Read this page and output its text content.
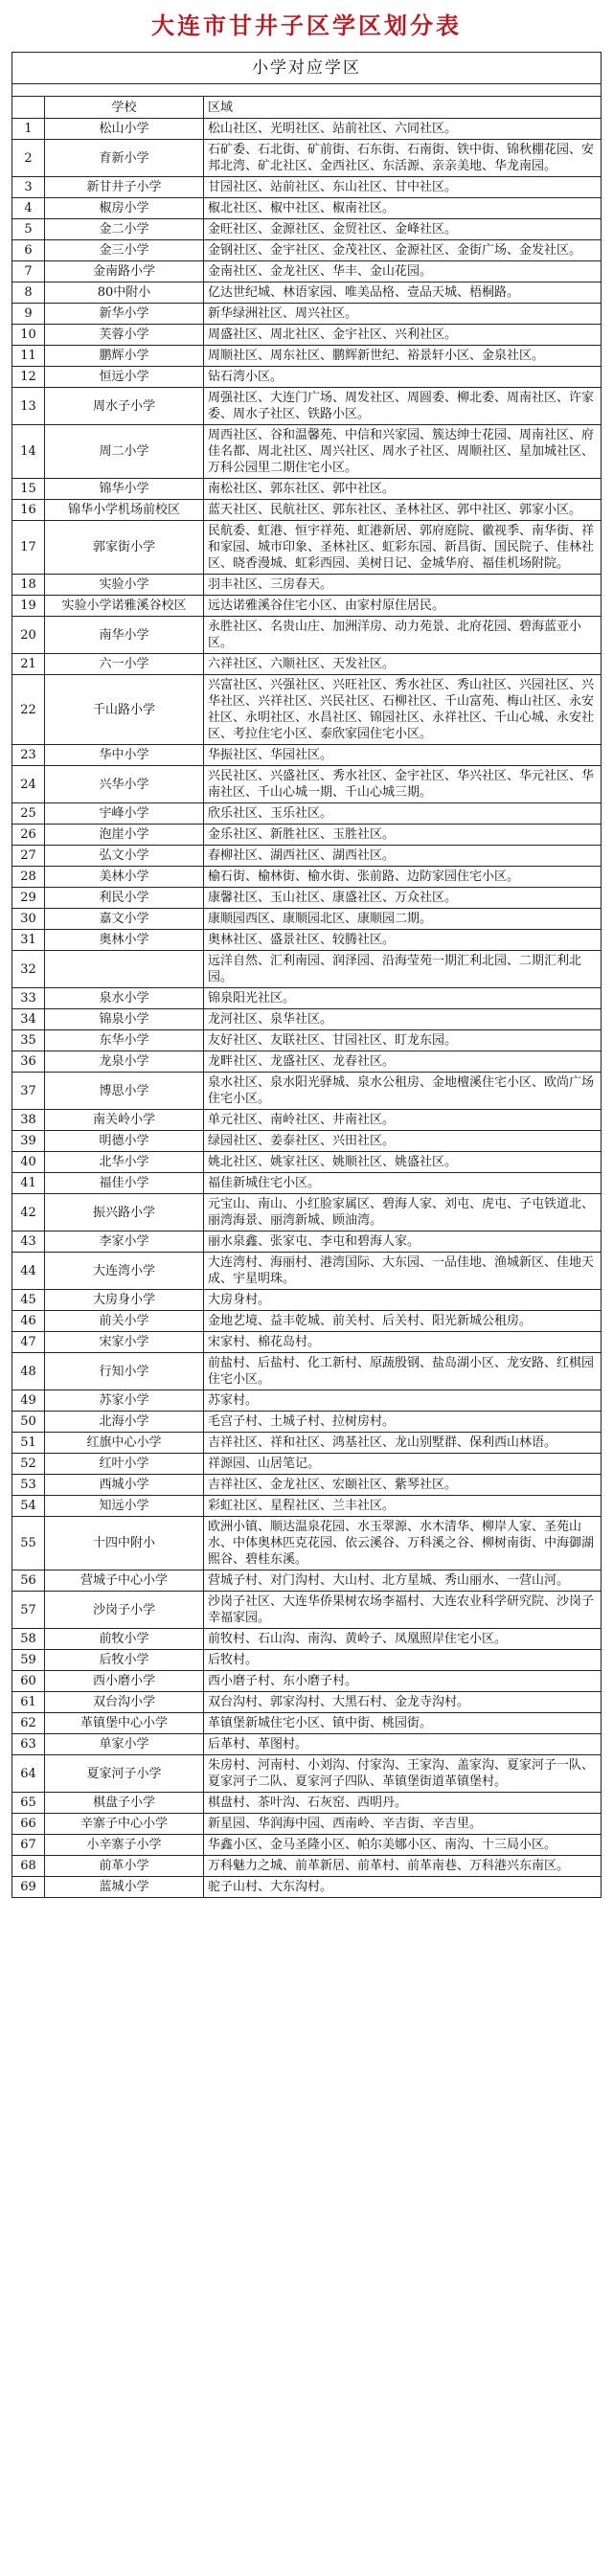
大连市甘井子区学区划分表
小学对应学区		

	学校	区域
1	松山小学	松山社区、光明社区、站前社区、六同社区。
2	育新小学	石矿委、石北街、矿前街、石东街、石南街、铁中街、锦秋棚花园、安邦北湾、矿北社区、金西社区、东活源、亲亲美地、华龙南园。
3	新甘井子小学	甘园社区、站前社区、东山社区、甘中社区。
4	椒房小学	椒北社区、椒中社区、椒南社区。
5	金二小学	金旺社区、金源社区、金贸社区、金峰社区。
6	金三小学	金钢社区、金宇社区、金茂社区、金源社区、金街广场、金发社区。
7	金南路小学	金南社区、金龙社区、华丰、金山花园。
8	80中附小	亿达世纪城、林语家园、唯美品格、壹品天城、梧桐路。
9	新华小学	新华绿洲社区、周兴社区。
10	芙蓉小学	周盛社区、周北社区、金宇社区、兴利社区。
11	鹏辉小学	周顺社区、周东社区、鹏辉新世纪、裕景轩小区、金泉社区。
12	恒远小学	钻石湾小区。
13	周水子小学	周强社区、大连门广场、周发社区、周圆委、柳北委、周南社区、许家委、周水子社区、铁路小区。
14	周二小学	周西社区、谷和温馨苑、中信和兴家园、簇达绅士花园、周南社区、府佳名都、周北社区、周兴社区、周水子社区、周顺社区、星加城社区、万科公园里二期住宅小区。
15	锦华小学	南松社区、郭东社区、郭中社区。
16	锦华小学机场前校区	蓝天社区、民航社区、郭东社区、圣林社区、郭中社区、郭家小区。
17	郭家街小学	民航委、虹港、恒宇祥苑、虹港新居、郭府庭院、徽视季、南华街、祥和家园、城市印象、圣林社区、虹彩东园、新昌街、国民院子、佳林社区、晓香漫城、虹彩西园、美树日记、金城华府、福佳机场附院。
18	实验小学	羽丰社区、三房春天。
19	实验小学诺雅溪谷校区	远达诺雅溪谷住宅小区、由家村原住居民。
20	南华小学	永胜社区、名贵山庄、加洲洋房、动力苑景、北府花园、碧海蓝亚小区。
21	六一小学	六祥社区、六顺社区、天发社区。
22	千山路小学	兴富社区、兴强社区、兴旺社区、秀水社区、秀山社区、兴园社区、兴华社区、兴祥社区、兴民社区、石柳社区、千山富苑、梅山社区、永安社区、永明社区、水昌社区、锦园社区、永祥社区、千山心城、永安社区、考拉住宅小区、泰欣家园住宅小区。
23	华中小学	华振社区、华园社区。
24	兴华小学	兴民社区、兴盛社区、秀水社区、金宇社区、华兴社区、华元社区、华南社区、千山心城一期、千山心城三期。
25	宇峰小学	欣乐社区、玉乐社区。
26	泡崖小学	金乐社区、新胜社区、玉胜社区。
27	弘文小学	春柳社区、湖西社区、湖西社区。
28	美林小学	榆石街、榆林街、榆水街、张前路、边防家园住宅小区。
29	利民小学	康馨社区、玉山社区、康盛社区、万众社区。
30	嘉文小学	康顺园西区、康顺园北区、康顺园二期。
31	奥林小学	奥林社区、盛景社区、较腾社区。
32		远洋自然、汇利南园、润泽园、沿海莹苑一期汇利北园、二期汇利北园。
33	泉水小学	锦泉阳光社区。
34	锦泉小学	龙河社区、泉华社区。
35	东华小学	友好社区、友联社区、甘园社区、盯龙东园。
36	龙泉小学	龙畔社区、龙盛社区、龙春社区。
37	博思小学	泉水社区、泉水阳光驿城、泉水公租房、金地檀溪住宅小区、欧尚广场住宅小区。
38	南关岭小学	单元社区、南岭社区、井南社区。
39	明德小学	绿园社区、姜泰社区、兴田社区。
40	北华小学	姚北社区、姚家社区、姚顺社区、姚盛社区。
41	福佳小学	福佳新城住宅小区。
42	振兴路小学	元宝山、南山、小红脸家属区、碧海人家、刘屯、虎屯、子屯铁道北、丽湾海景、丽湾新城、顾油湾。
43	李家小学	丽水泉鑫、张家屯、李屯和碧海人家。
44	大连湾小学	大连湾村、海丽村、港湾国际、大东园、一品佳地、渔城新区、佳地天成、宇星明珠。
45	大房身小学	大房身村。
46	前关小学	金地艺境、益丰乾城、前关村、后关村、阳光新城公租房。
47	宋家小学	宋家村、棉花岛村。
48	行知小学	前盐村、后盐村、化工新村、原蔬殷钢、盐岛湖小区、龙安路、红棋园住宅小区。
49	苏家小学	苏家村。
50	北海小学	毛宫子村、土城子村、拉树房村。
51	红旗中心小学	吉祥社区、祥和社区、鸿基社区、龙山别墅群、保利西山林语。
52	红叶小学	祥源园、山居笔记。
53	西城小学	吉祥社区、金龙社区、宏颐社区、紫琴社区。
54	知远小学	彩虹社区、星程社区、兰丰社区。
55	十四中附小	欧洲小镇、顺达温泉花园、水玉翠源、水木清华、柳岸人家、圣苑山水、中体奥林匹克花园、依云溪谷、万科溪之谷、柳树南街、中海御湖熙谷、碧桂东溪。
56	营城子中心小学	营城子村、对门沟村、大山村、北方星城、秀山丽水、一营山河。
57	沙岗子小学	沙岗子社区、大连华侨果树农场李福村、大连农业科学研究院、沙岗子幸福家园。
58	前牧小学	前牧村、石山沟、南沟、黄岭子、凤凰照岸住宅小区。
59	后牧小学	后牧村。
60	西小磨小学	西小磨子村、东小磨子村。
61	双台沟小学	双台沟村、郭家沟村、大黑石村、金龙寺沟村。
62	革镇堡中心小学	革镇堡新城住宅小区、镇中街、桃园街。
63	单家小学	后革村、革图村。
64	夏家河子小学	朱房村、河南村、小刘沟、付家沟、王家沟、盖家沟、夏家河子一队、夏家河子二队、夏家河子四队、革镇堡街道革镇堡村。
65	棋盘子小学	棋盘村、茶叶沟、石灰窑、西明丹。
66	辛寨子中心小学	新星园、华润海中园、西南岭、辛吉街、辛吉里。
67	小辛寨子小学	华鑫小区、金马圣隆小区、帕尔美娜小区、南沟、十三局小区。
68	前革小学	万科魅力之城、前革新居、前革村、前革南巷、万科港兴东南区。
69	蓝城小学	驼子山村、大东沟村。
